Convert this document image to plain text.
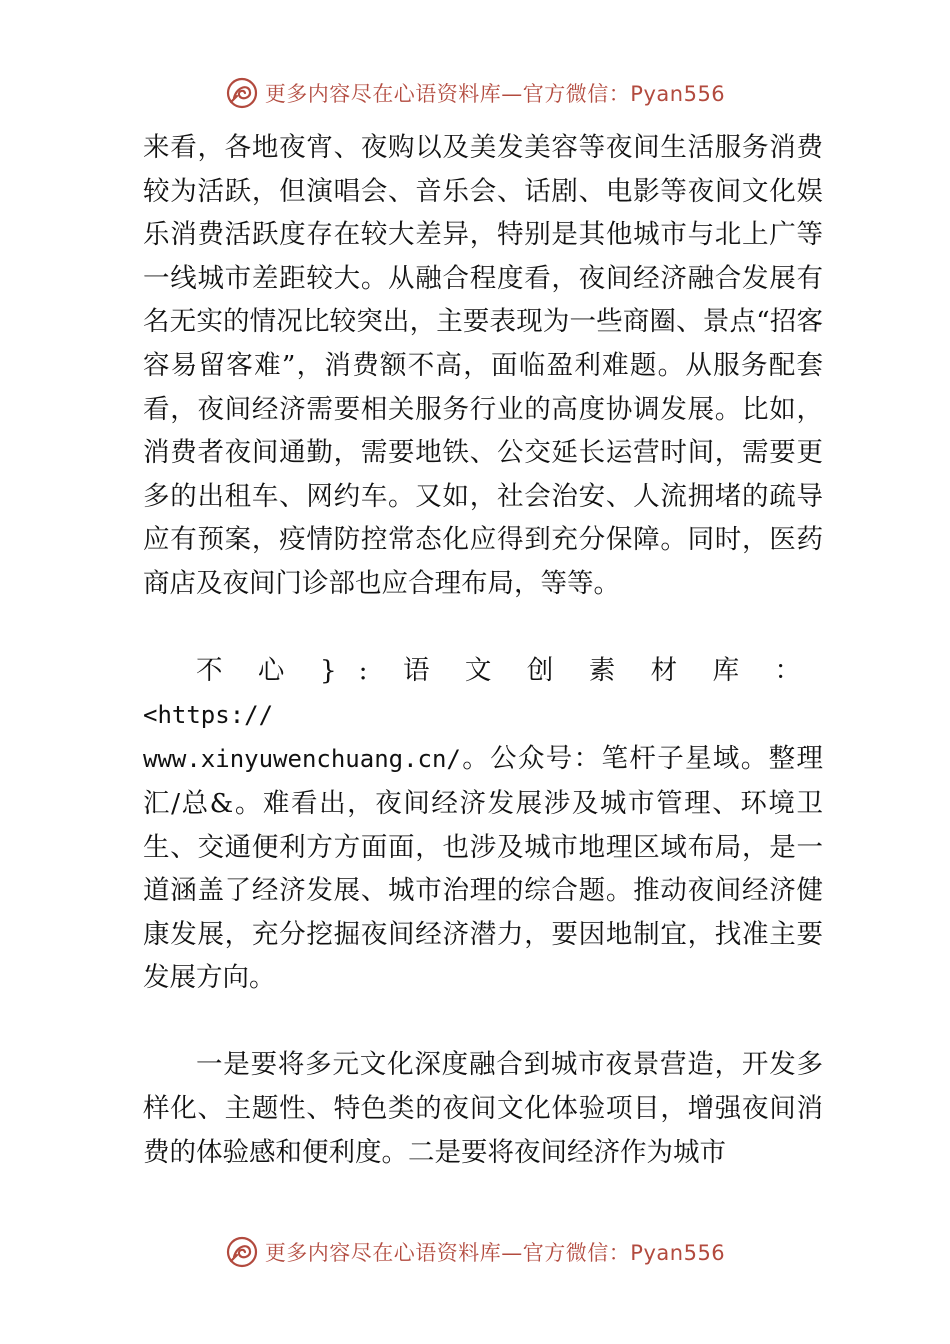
更多内容尽在心语资料库—官方微信：Pyan556

来看，各地夜宵、夜购以及美发美容等夜间生活服务消费较为活跃，但演唱会、音乐会、话剧、电影等夜间文化娱乐消费活跃度存在较大差异，特别是其他城市与北上广等一线城市差距较大。从融合程度看，夜间经济融合发展有名无实的情况比较突出，主要表现为一些商圈、景点“招客容易留客难”，消费额不高，面临盈利难题。从服务配套看，夜间经济需要相关服务行业的高度协调发展。比如，消费者夜间通勤，需要地铁、公交延长运营时间，需要更多的出租车、网约车。又如，社会治安、人流拥堵的疏导应有预案，疫情防控常态化应得到充分保障。同时，医药商店及夜间门诊部也应合理布局，等等。

不心}:语文创素材库：<https://
www.xinyuwenchuang.cn/。公众号：笔杆子星域。整理汇/总&。难看出，夜间经济发展涉及城市管理、环境卫生、交通便利方方面面，也涉及城市地理区域布局，是一道涵盖了经济发展、城市治理的综合题。推动夜间经济健康发展，充分挖掘夜间经济潜力，要因地制宜，找准主要发展方向。

一是要将多元文化深度融合到城市夜景营造，开发多样化、主题性、特色类的夜间文化体验项目，增强夜间消费的体验感和便利度。二是要将夜间经济作为城市

更多内容尽在心语资料库—官方微信：Pyan556
